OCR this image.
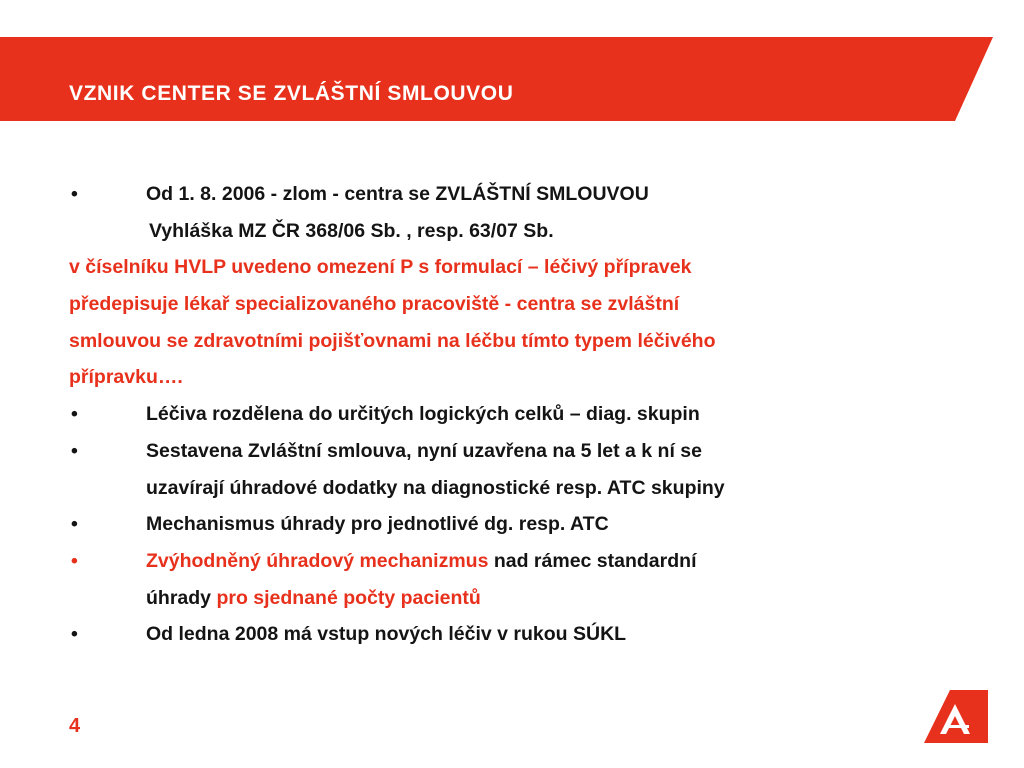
VZNIK CENTER SE ZVLÁŠTNÍ SMLOUVOU
•	Od 1. 8. 2006 - zlom - centra se ZVLÁŠTNÍ SMLOUVOU
Vyhláška MZ ČR 368/06 Sb. , resp. 63/07 Sb.
v číselníku HVLP uvedeno omezení P s formulací – léčivý přípravek
předepisuje lékař specializovaného pracoviště - centra se zvláštní
smlouvou se zdravotními pojišťovnami na léčbu tímto typem léčivého
přípravku….
•	Léčiva rozdělena do určitých logických celků – diag. skupin
•	Sestavena Zvláštní smlouva, nyní uzavřena na 5 let a k ní se
uzavírají úhradové dodatky na diagnostické resp. ATC skupiny
•	Mechanismus úhrady pro jednotlivé dg. resp. ATC
•	Zvýhodněný úhradový mechanizmus nad rámec standardní
úhrady pro sjednané počty pacientů
•	Od ledna 2008 má vstup nových léčiv v rukou SÚKL
4
